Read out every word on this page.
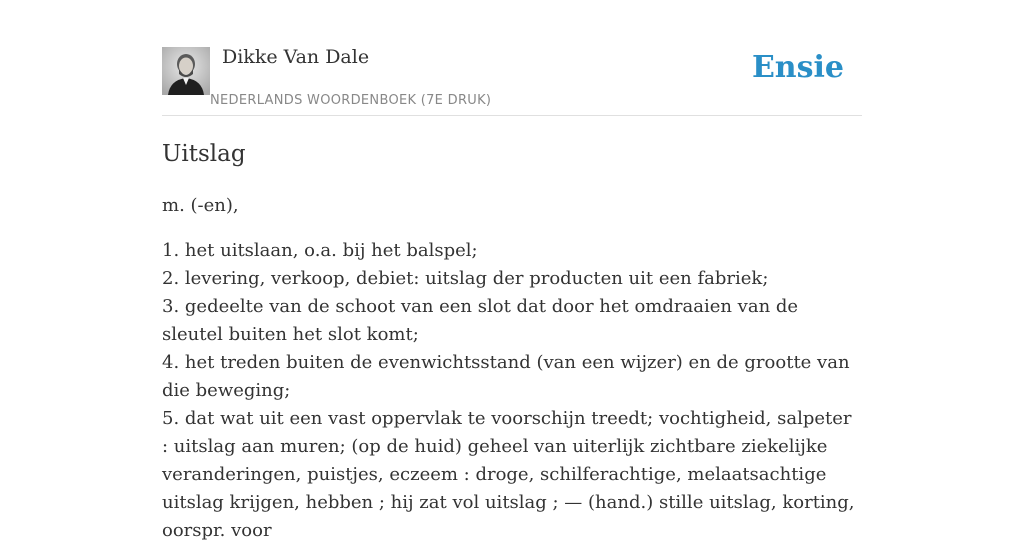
Dikke Van Dale
NEDERLANDS WOORDENBOEK (7E DRUK)
Ensie
Uitslag

m. (-en),

1. het uitslaan, o.a. bij het balspel;
2. levering, verkoop, debiet: uitslag der producten uit een fabriek;
3. gedeelte van de schoot van een slot dat door het omdraaien van de sleutel buiten het slot komt;
4. het treden buiten de evenwichtsstand (van een wijzer) en de grootte van die beweging;
5. dat wat uit een vast oppervlak te voorschijn treedt; vochtigheid, salpeter : uitslag aan muren; (op de huid) geheel van uiterlijk zichtbare ziekelijke veranderingen, puistjes, eczeem : droge, schilferachtige, melaatsachtige uitslag krijgen, hebben ; hij zat vol uitslag ; — (hand.) stille uitslag, korting, oorspr. voor
